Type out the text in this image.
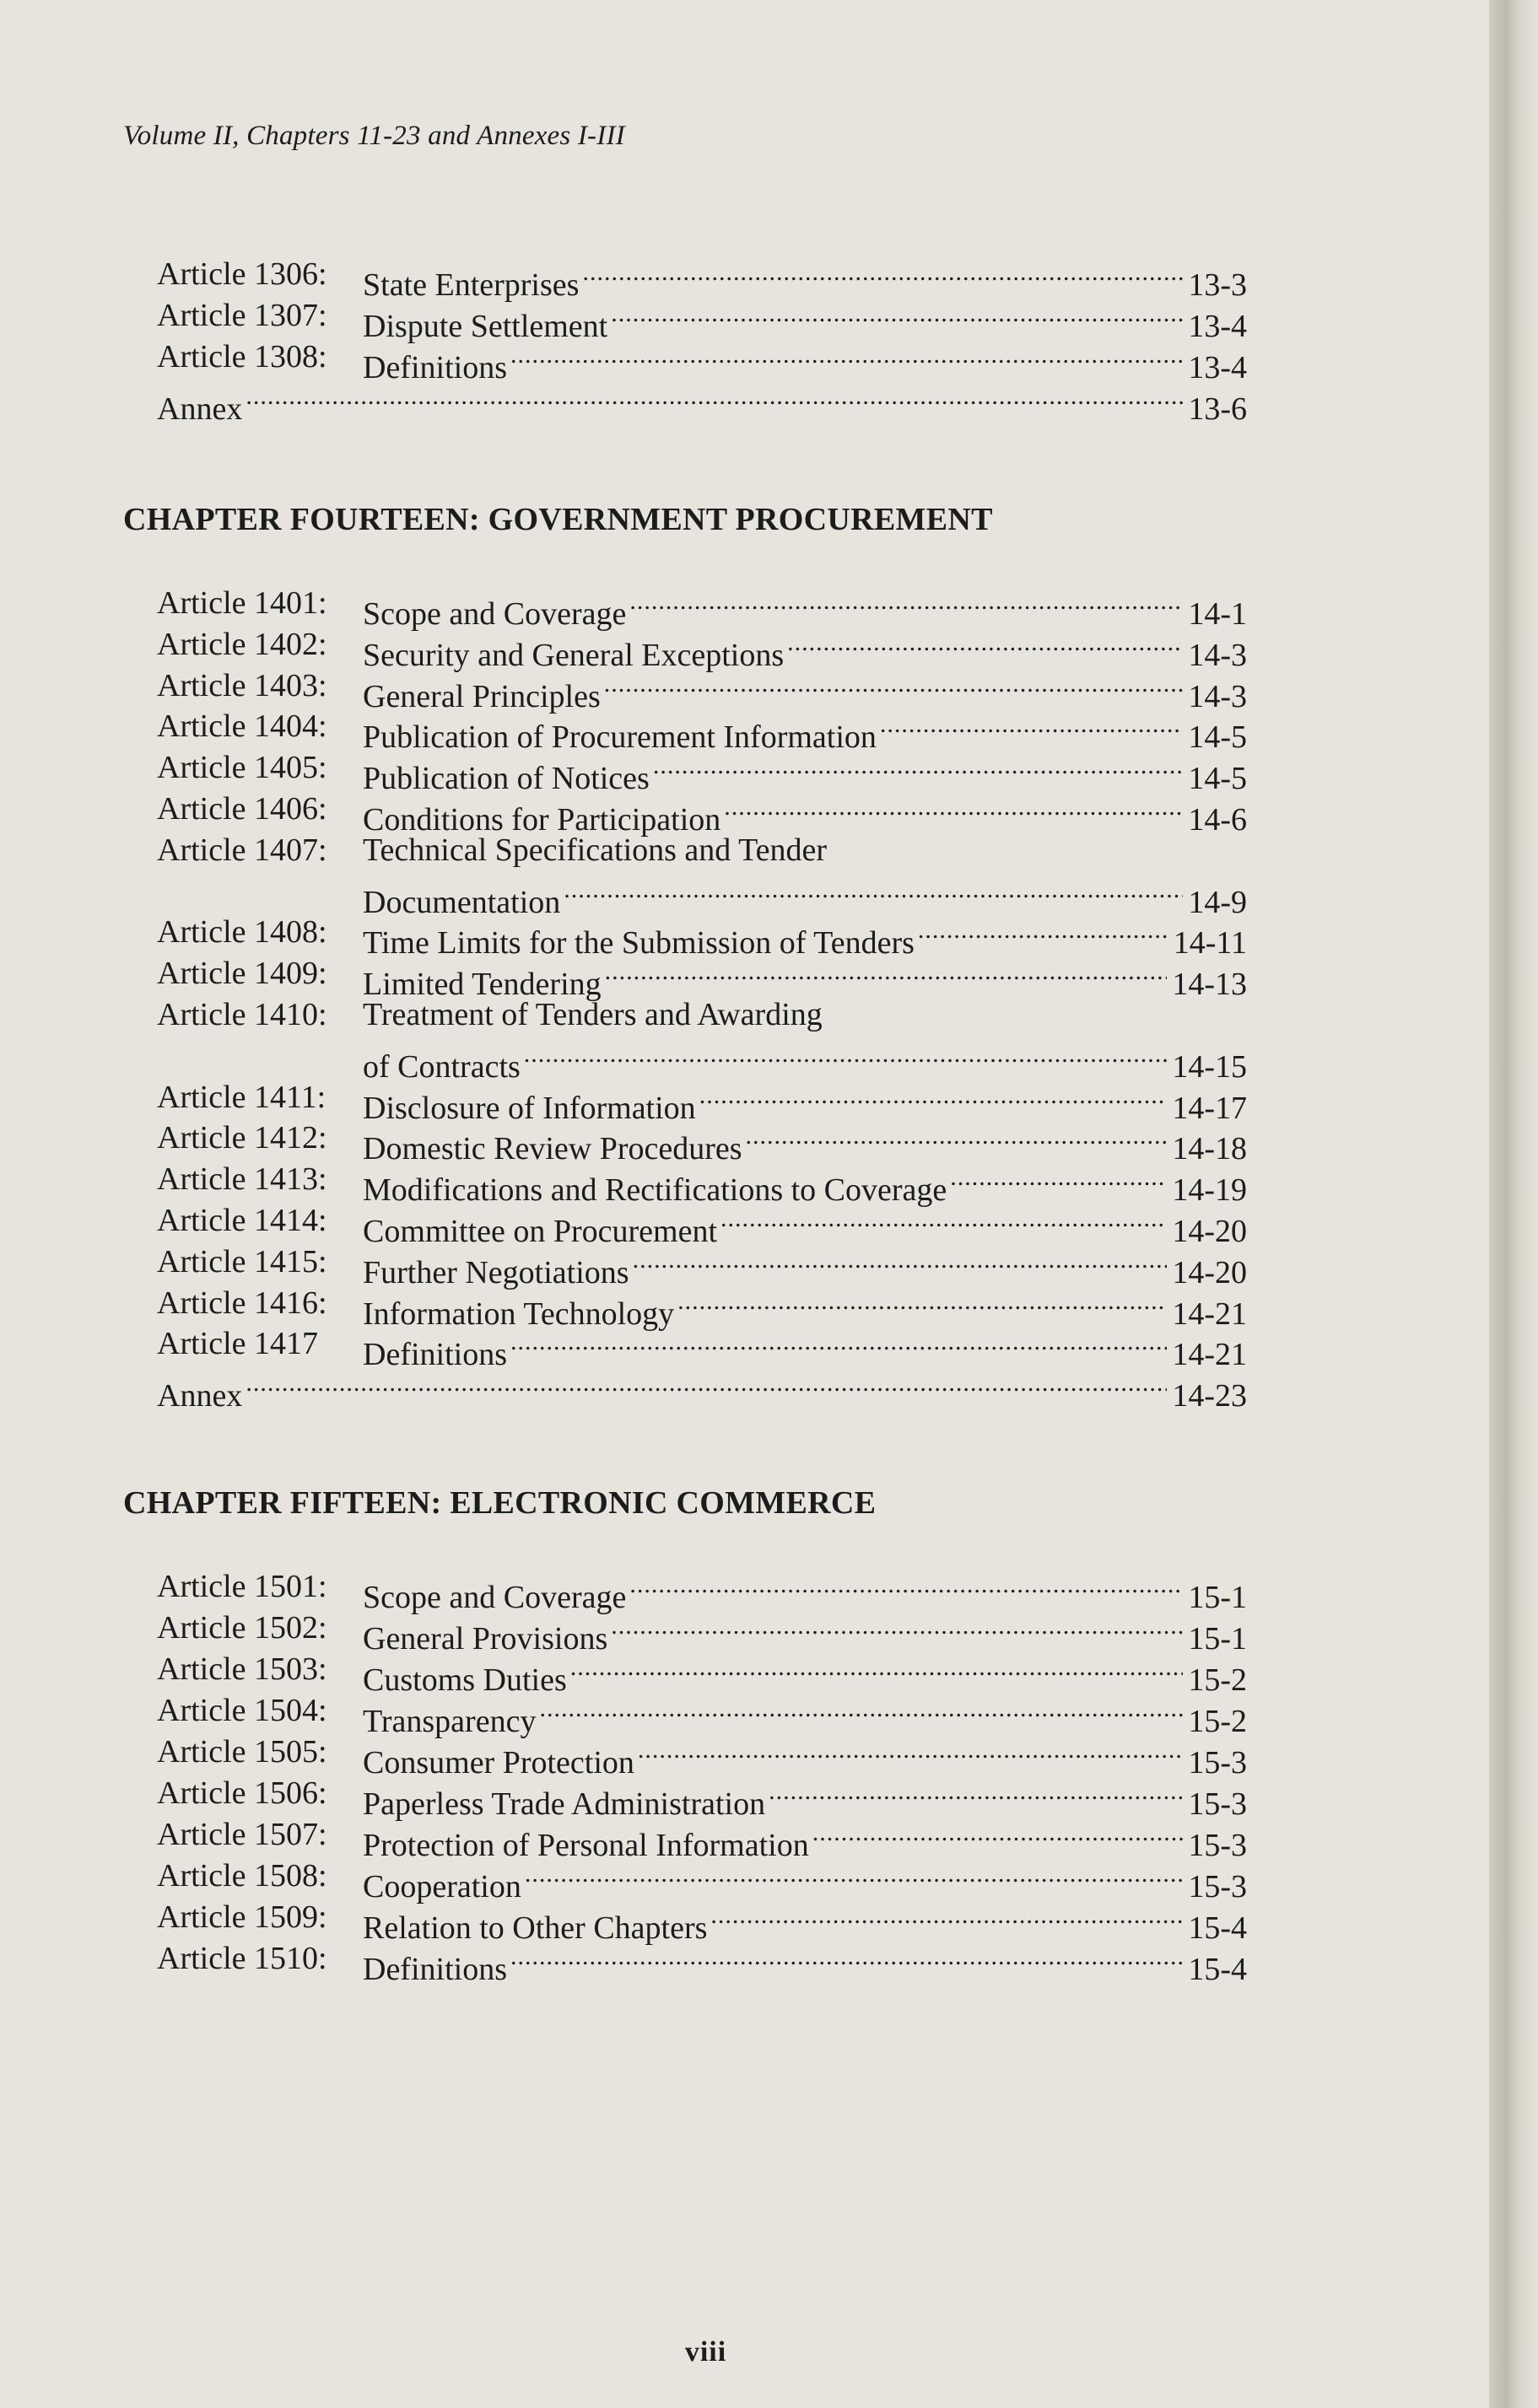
Volume II, Chapters 11-23 and Annexes I-III
Article 1306: State Enterprises .....	13-3
Article 1307: Dispute Settlement .....	13-4
Article 1308: Definitions .....	13-4
Annex .....	13-6
CHAPTER FOURTEEN: GOVERNMENT PROCUREMENT
Article 1401: Scope and Coverage .....	14-1
Article 1402: Security and General Exceptions .....	14-3
Article 1403: General Principles .....	14-3
Article 1404: Publication of Procurement Information .....	14-5
Article 1405: Publication of Notices .....	14-5
Article 1406: Conditions for Participation .....	14-6
Article 1407: Technical Specifications and Tender
Documentation .....	14-9
Article 1408: Time Limits for the Submission of Tenders .....	14-11
Article 1409: Limited Tendering .....	14-13
Article 1410: Treatment of Tenders and Awarding
of Contracts .....	14-15
Article 1411: Disclosure of Information .....	14-17
Article 1412: Domestic Review Procedures .....	14-18
Article 1413: Modifications and Rectifications to Coverage .....	14-19
Article 1414: Committee on Procurement .....	14-20
Article 1415: Further Negotiations .....	14-20
Article 1416: Information Technology .....	14-21
Article 1417 Definitions .....	14-21
Annex .....	14-23
CHAPTER FIFTEEN: ELECTRONIC COMMERCE
Article 1501: Scope and Coverage .....	15-1
Article 1502: General Provisions .....	15-1
Article 1503: Customs Duties .....	15-2
Article 1504: Transparency .....	15-2
Article 1505: Consumer Protection .....	15-3
Article 1506: Paperless Trade Administration .....	15-3
Article 1507: Protection of Personal Information .....	15-3
Article 1508: Cooperation .....	15-3
Article 1509: Relation to Other Chapters .....	15-4
Article 1510: Definitions .....	15-4
viii
